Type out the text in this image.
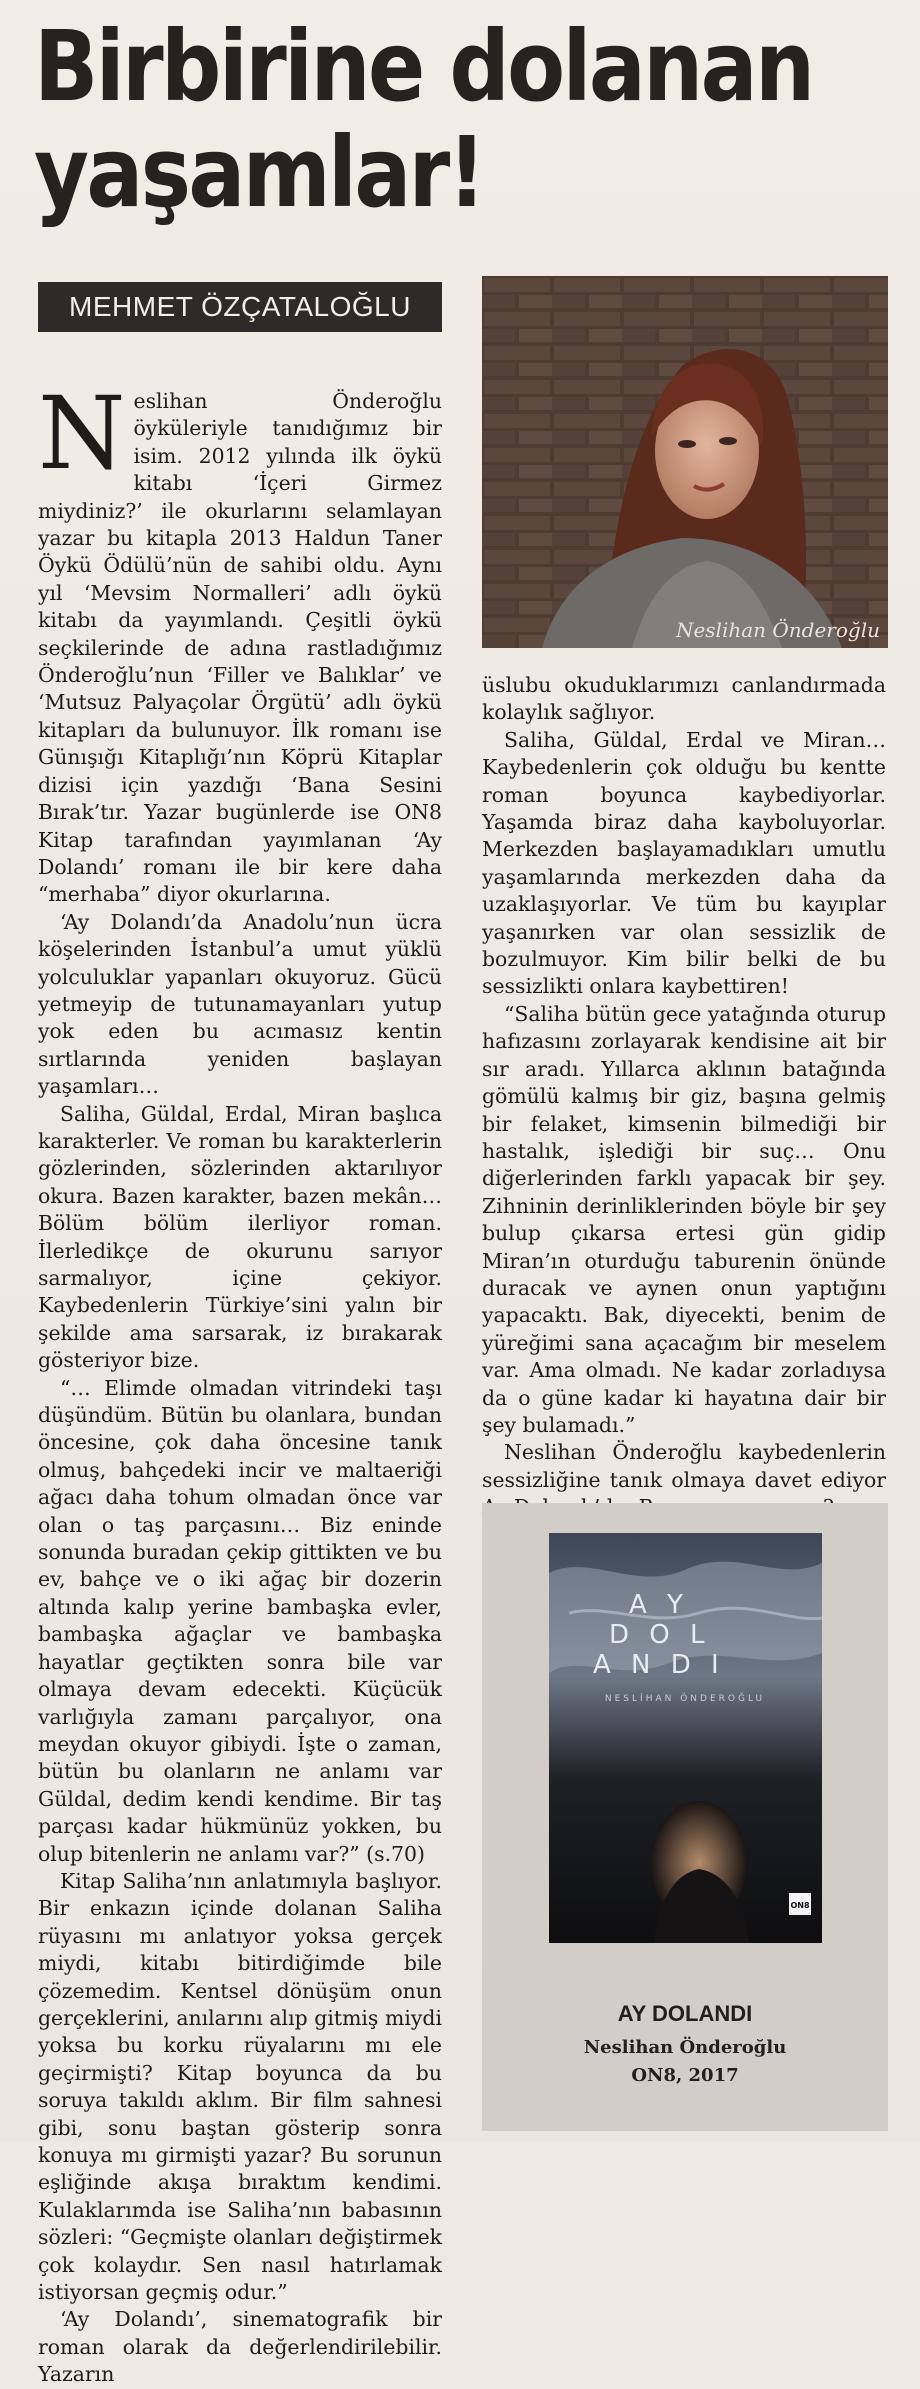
Birbirine dolanan
yaşamlar!
MEHMET ÖZÇATALOĞLU

Neslihan Önderoğlu öyküleriyle tanıdığımız bir isim. 2012 yılında ilk öykü kitabı ‘İçeri Girmez miydiniz?’ ile okurlarını selamlayan yazar bu kitapla 2013 Haldun Taner Öykü Ödülü’nün de sahibi oldu. Aynı yıl ‘Mevsim Normalleri’ adlı öykü kitabı da yayımlandı. Çeşitli öykü seçkilerinde de adına rastladığımız Önderoğlu’nun ‘Filler ve Balıklar’ ve ‘Mutsuz Palyaçolar Örgütü’ adlı öykü kitapları da bulunuyor. İlk romanı ise Günışığı Kitaplığı’nın Köprü Kitaplar dizisi için yazdığı ‘Bana Sesini Bırak’tır. Yazar bugünlerde ise ON8 Kitap tarafından yayımlanan ‘Ay Dolandı’ romanı ile bir kere daha “merhaba” diyor okurlarına.

‘Ay Dolandı’da Anadolu’nun ücra köşelerinden İstanbul’a umut yüklü yolculuklar yapanları okuyoruz. Gücü yetmeyip de tutunamayanları yutup yok eden bu acımasız kentin sırtlarında yeniden başlayan yaşamları…

Saliha, Güldal, Erdal, Miran başlıca karakterler. Ve roman bu karakterlerin gözlerinden, sözlerinden aktarılıyor okura. Bazen karakter, bazen mekân… Bölüm bölüm ilerliyor roman. İlerledikçe de okurunu sarıyor sarmalıyor, içine çekiyor. Kaybedenlerin Türkiye’sini yalın bir şekilde ama sarsarak, iz bırakarak gösteriyor bize.

“… Elimde olmadan vitrindeki taşı düşündüm. Bütün bu olanlara, bundan öncesine, çok daha öncesine tanık olmuş, bahçedeki incir ve maltaeriği ağacı daha tohum olmadan önce var olan o taş parçasını… Biz eninde sonunda buradan çekip gittikten ve bu ev, bahçe ve o iki ağaç bir dozerin altında kalıp yerine bambaşka evler, bambaşka ağaçlar ve bambaşka hayatlar geçtikten sonra bile var olmaya devam edecekti. Küçücük varlığıyla zamanı parçalıyor, ona meydan okuyor gibiydi. İşte o zaman, bütün bu olanların ne anlamı var Güldal, dedim kendi kendime. Bir taş parçası kadar hükmünüz yokken, bu olup bitenlerin ne anlamı var?” (s.70)

Kitap Saliha’nın anlatımıyla başlıyor. Bir enkazın içinde dolanan Saliha rüyasını mı anlatıyor yoksa gerçek miydi, kitabı bitirdiğimde bile çözemedim. Kentsel dönüşüm onun gerçeklerini, anılarını alıp gitmiş miydi yoksa bu korku rüyalarını mı ele geçirmişti? Kitap boyunca da bu soruya takıldı aklım. Bir film sahnesi gibi, sonu baştan gösterip sonra konuya mı girmişti yazar? Bu sorunun eşliğinde akışa bıraktım kendimi. Kulaklarımda ise Saliha’nın babasının sözleri: “Geçmişte olanları değiştirmek çok kolaydır. Sen nasıl hatırlamak istiyorsan geçmiş odur.”

‘Ay Dolandı’, sinematografik bir roman olarak da değerlendirilebilir. Yazarın

Neslihan Önderoğlu

üslubu okuduklarımızı canlandırmada kolaylık sağlıyor.

Saliha, Güldal, Erdal ve Miran… Kaybedenlerin çok olduğu bu kentte roman boyunca kaybediyorlar. Yaşamda biraz daha kayboluyorlar. Merkezden başlayamadıkları umutlu yaşamlarında merkezden daha da uzaklaşıyorlar. Ve tüm bu kayıplar yaşanırken var olan sessizlik de bozulmuyor. Kim bilir belki de bu sessizlikti onlara kaybettiren!

“Saliha bütün gece yatağında oturup hafızasını zorlayarak kendisine ait bir sır aradı. Yıllarca aklının batağında gömülü kalmış bir giz, başına gelmiş bir felaket, kimsenin bilmediği bir hastalık, işlediği bir suç… Onu diğerlerinden farklı yapacak bir şey. Zihninin derinliklerinden böyle bir şey bulup çıkarsa ertesi gün gidip Miran’ın oturduğu taburenin önünde duracak ve aynen onun yaptığını yapacaktı. Bak, diyecekti, benim de yüreğimi sana açacağım bir meselem var. Ama olmadı. Ne kadar zorladıysa da o güne kadar ki hayatına dair bir şey bulamadı.”

Neslihan Önderoğlu kaybedenlerin sessizliğine tanık olmaya davet ediyor

A Y
D O L
A N D I
NESLİHAN ÖNDEROĞLU
ON8
AY DOLANDI
Neslihan Önderoğlu
ON8, 2017
